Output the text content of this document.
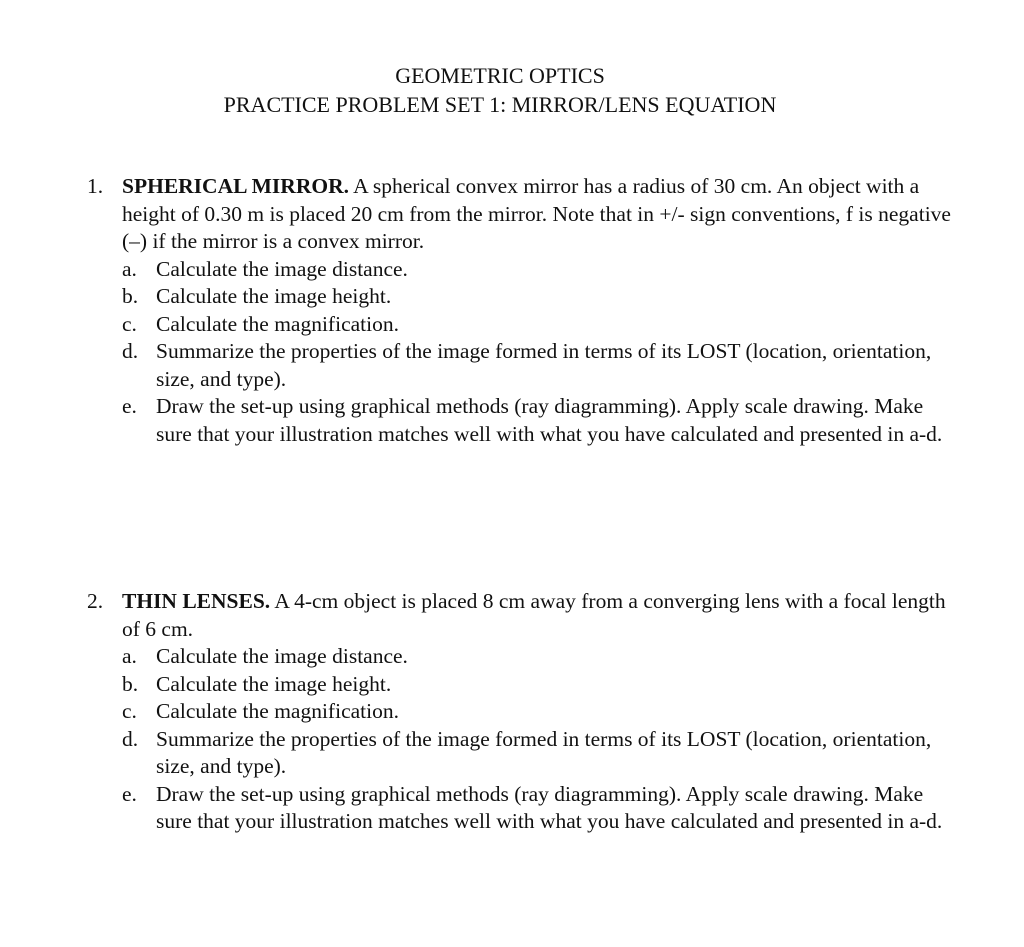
GEOMETRIC OPTICS
PRACTICE PROBLEM SET 1: MIRROR/LENS EQUATION
1. SPHERICAL MIRROR. A spherical convex mirror has a radius of 30 cm. An object with a height of 0.30 m is placed 20 cm from the mirror. Note that in +/- sign conventions, f is negative (–) if the mirror is a convex mirror.
a. Calculate the image distance.
b. Calculate the image height.
c. Calculate the magnification.
d. Summarize the properties of the image formed in terms of its LOST (location, orientation, size, and type).
e. Draw the set-up using graphical methods (ray diagramming). Apply scale drawing. Make sure that your illustration matches well with what you have calculated and presented in a-d.
2. THIN LENSES. A 4-cm object is placed 8 cm away from a converging lens with a focal length of 6 cm.
a. Calculate the image distance.
b. Calculate the image height.
c. Calculate the magnification.
d. Summarize the properties of the image formed in terms of its LOST (location, orientation, size, and type).
e. Draw the set-up using graphical methods (ray diagramming). Apply scale drawing. Make sure that your illustration matches well with what you have calculated and presented in a-d.
